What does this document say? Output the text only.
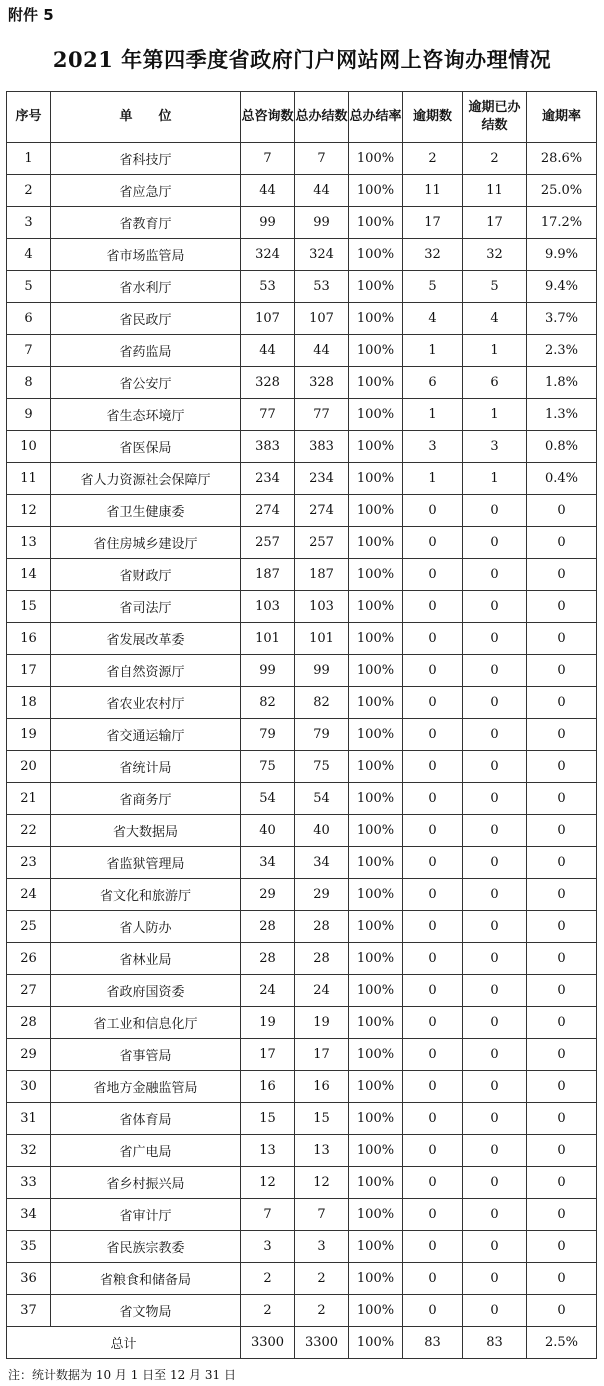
附件 5
2021 年第四季度省政府门户网站网上咨询办理情况
序号	单　　位	总咨询数	总办结数	总办结率	逾期数	逾期已办结数	逾期率
1	省科技厅	7	7	100%	2	2	28.6%
2	省应急厅	44	44	100%	11	11	25.0%
3	省教育厅	99	99	100%	17	17	17.2%
4	省市场监管局	324	324	100%	32	32	9.9%
5	省水利厅	53	53	100%	5	5	9.4%
6	省民政厅	107	107	100%	4	4	3.7%
7	省药监局	44	44	100%	1	1	2.3%
8	省公安厅	328	328	100%	6	6	1.8%
9	省生态环境厅	77	77	100%	1	1	1.3%
10	省医保局	383	383	100%	3	3	0.8%
11	省人力资源社会保障厅	234	234	100%	1	1	0.4%
12	省卫生健康委	274	274	100%	0	0	0
13	省住房城乡建设厅	257	257	100%	0	0	0
14	省财政厅	187	187	100%	0	0	0
15	省司法厅	103	103	100%	0	0	0
16	省发展改革委	101	101	100%	0	0	0
17	省自然资源厅	99	99	100%	0	0	0
18	省农业农村厅	82	82	100%	0	0	0
19	省交通运输厅	79	79	100%	0	0	0
20	省统计局	75	75	100%	0	0	0
21	省商务厅	54	54	100%	0	0	0
22	省大数据局	40	40	100%	0	0	0
23	省监狱管理局	34	34	100%	0	0	0
24	省文化和旅游厅	29	29	100%	0	0	0
25	省人防办	28	28	100%	0	0	0
26	省林业局	28	28	100%	0	0	0
27	省政府国资委	24	24	100%	0	0	0
28	省工业和信息化厅	19	19	100%	0	0	0
29	省事管局	17	17	100%	0	0	0
30	省地方金融监管局	16	16	100%	0	0	0
31	省体育局	15	15	100%	0	0	0
32	省广电局	13	13	100%	0	0	0
33	省乡村振兴局	12	12	100%	0	0	0
34	省审计厅	7	7	100%	0	0	0
35	省民族宗教委	3	3	100%	0	0	0
36	省粮食和储备局	2	2	100%	0	0	0
37	省文物局	2	2	100%	0	0	0
总计		3300	3300	100%	83	83	2.5%
注：统计数据为 10 月 1 日至 12 月 31 日
